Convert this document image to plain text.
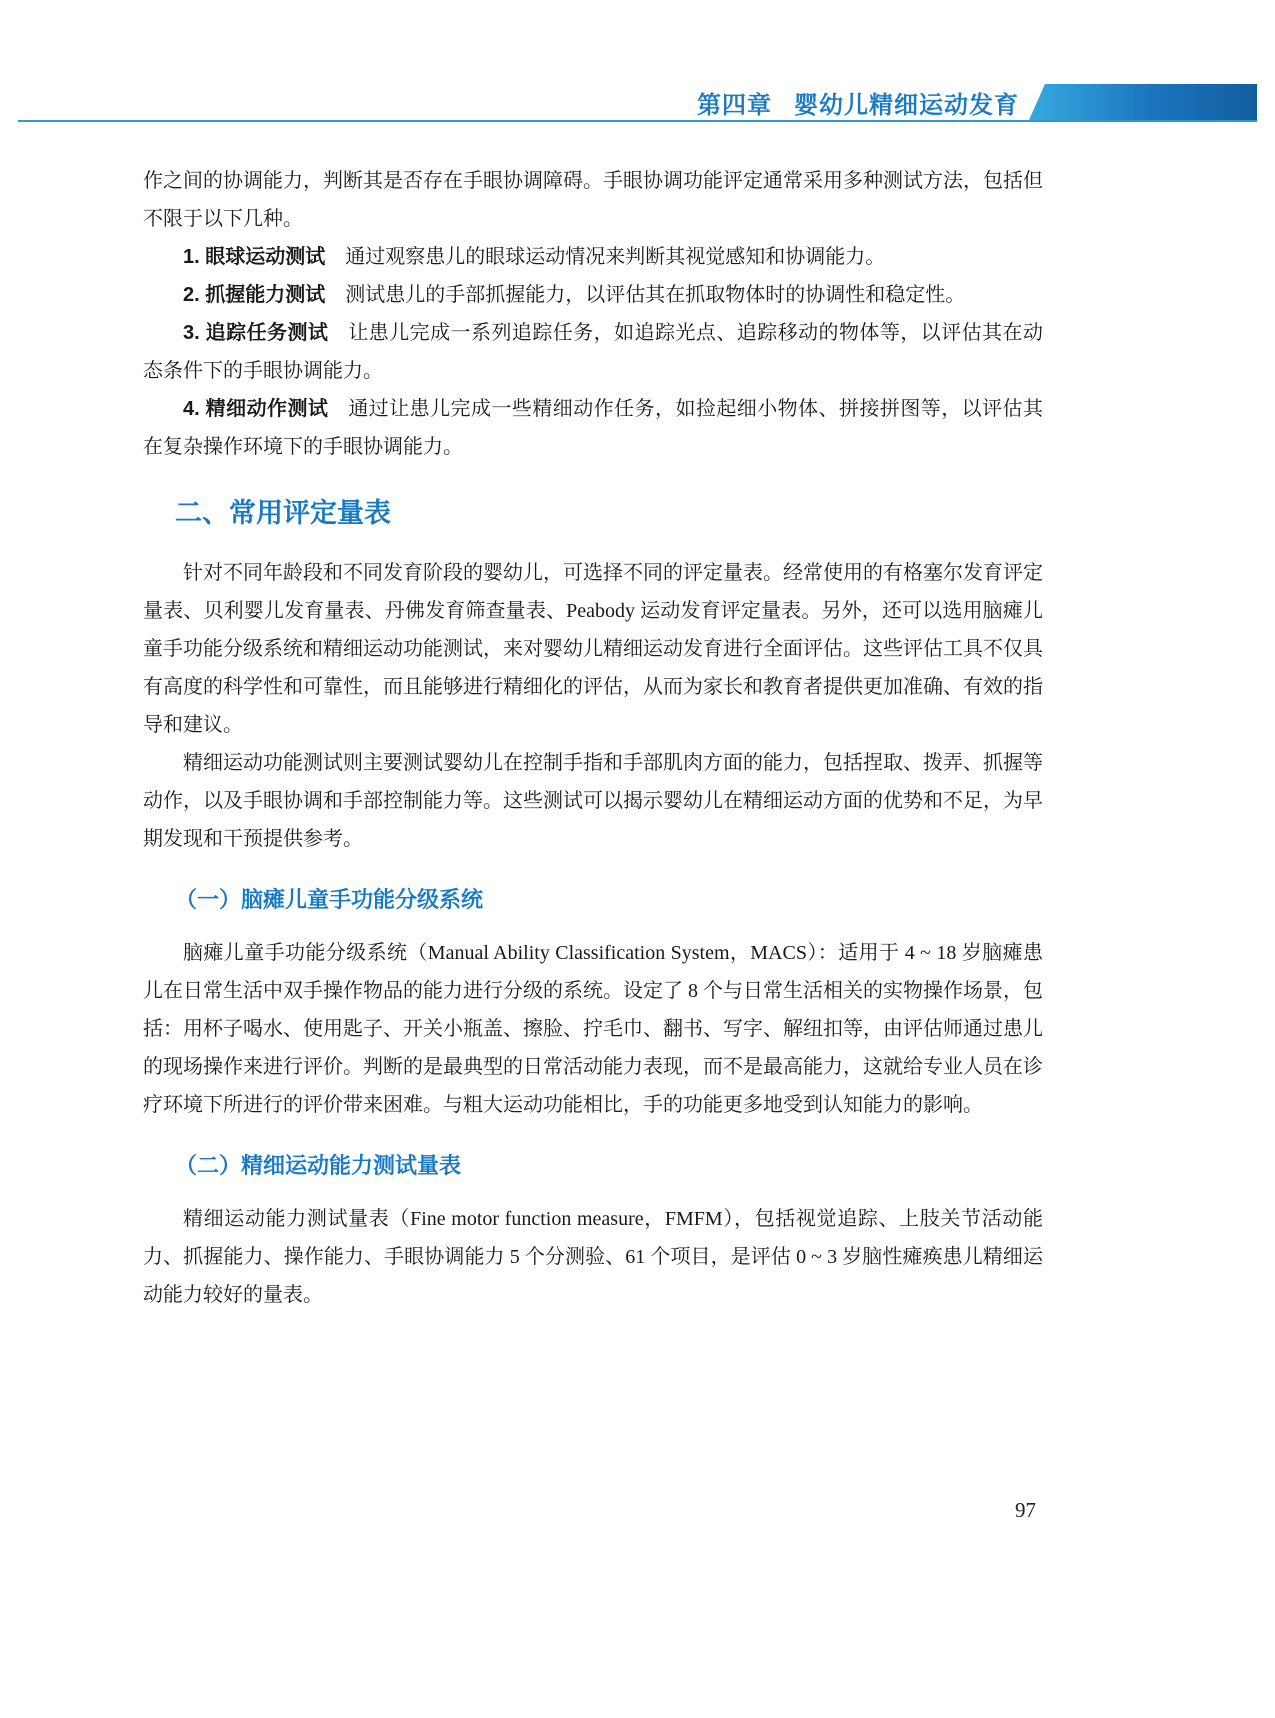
第四章 婴幼儿精细运动发育

作之间的协调能力，判断其是否存在手眼协调障碍。手眼协调功能评定通常采用多种测试方法，包括但不限于以下几种。

1. 眼球运动测试 通过观察患儿的眼球运动情况来判断其视觉感知和协调能力。

2. 抓握能力测试 测试患儿的手部抓握能力，以评估其在抓取物体时的协调性和稳定性。

3. 追踪任务测试 让患儿完成一系列追踪任务，如追踪光点、追踪移动的物体等，以评估其在动态条件下的手眼协调能力。

4. 精细动作测试 通过让患儿完成一些精细动作任务，如捡起细小物体、拼接拼图等，以评估其在复杂操作环境下的手眼协调能力。

二、常用评定量表

针对不同年龄段和不同发育阶段的婴幼儿，可选择不同的评定量表。经常使用的有格塞尔发育评定量表、贝利婴儿发育量表、丹佛发育筛查量表、Peabody 运动发育评定量表。另外，还可以选用脑瘫儿童手功能分级系统和精细运动功能测试，来对婴幼儿精细运动发育进行全面评估。这些评估工具不仅具有高度的科学性和可靠性，而且能够进行精细化的评估，从而为家长和教育者提供更加准确、有效的指导和建议。

精细运动功能测试则主要测试婴幼儿在控制手指和手部肌肉方面的能力，包括捏取、拨弄、抓握等动作，以及手眼协调和手部控制能力等。这些测试可以揭示婴幼儿在精细运动方面的优势和不足，为早期发现和干预提供参考。

（一）脑瘫儿童手功能分级系统

脑瘫儿童手功能分级系统（Manual Ability Classification System，MACS）：适用于 4 ~ 18 岁脑瘫患儿在日常生活中双手操作物品的能力进行分级的系统。设定了 8 个与日常生活相关的实物操作场景，包括：用杯子喝水、使用匙子、开关小瓶盖、擦脸、拧毛巾、翻书、写字、解纽扣等，由评估师通过患儿的现场操作来进行评价。判断的是最典型的日常活动能力表现，而不是最高能力，这就给专业人员在诊疗环境下所进行的评价带来困难。与粗大运动功能相比，手的功能更多地受到认知能力的影响。

（二）精细运动能力测试量表

精细运动能力测试量表（Fine motor function measure，FMFM），包括视觉追踪、上肢关节活动能力、抓握能力、操作能力、手眼协调能力 5 个分测验、61 个项目，是评估 0 ~ 3 岁脑性瘫痪患儿精细运动能力较好的量表。

97
